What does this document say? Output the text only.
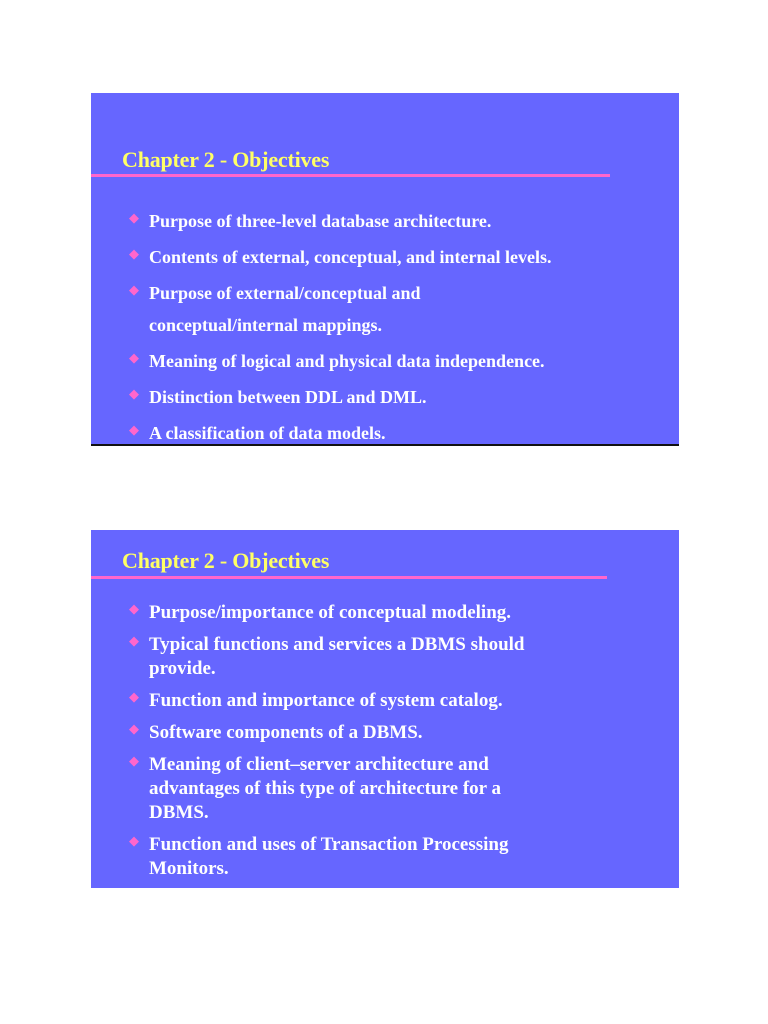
Chapter 2 - Objectives
◆ Purpose of three-level database architecture.
◆ Contents of external, conceptual, and internal levels.
◆ Purpose of external/conceptual and
conceptual/internal mappings.
◆ Meaning of logical and physical data independence.
◆ Distinction between DDL and DML.
◆ A classification of data models.
Chapter 2 - Objectives
◆ Purpose/importance of conceptual modeling.
◆ Typical functions and services a DBMS should
provide.
◆ Function and importance of system catalog.
◆ Software components of a DBMS.
◆ Meaning of client–server architecture and
advantages of this type of architecture for a
DBMS.
◆ Function and uses of Transaction Processing
Monitors.
